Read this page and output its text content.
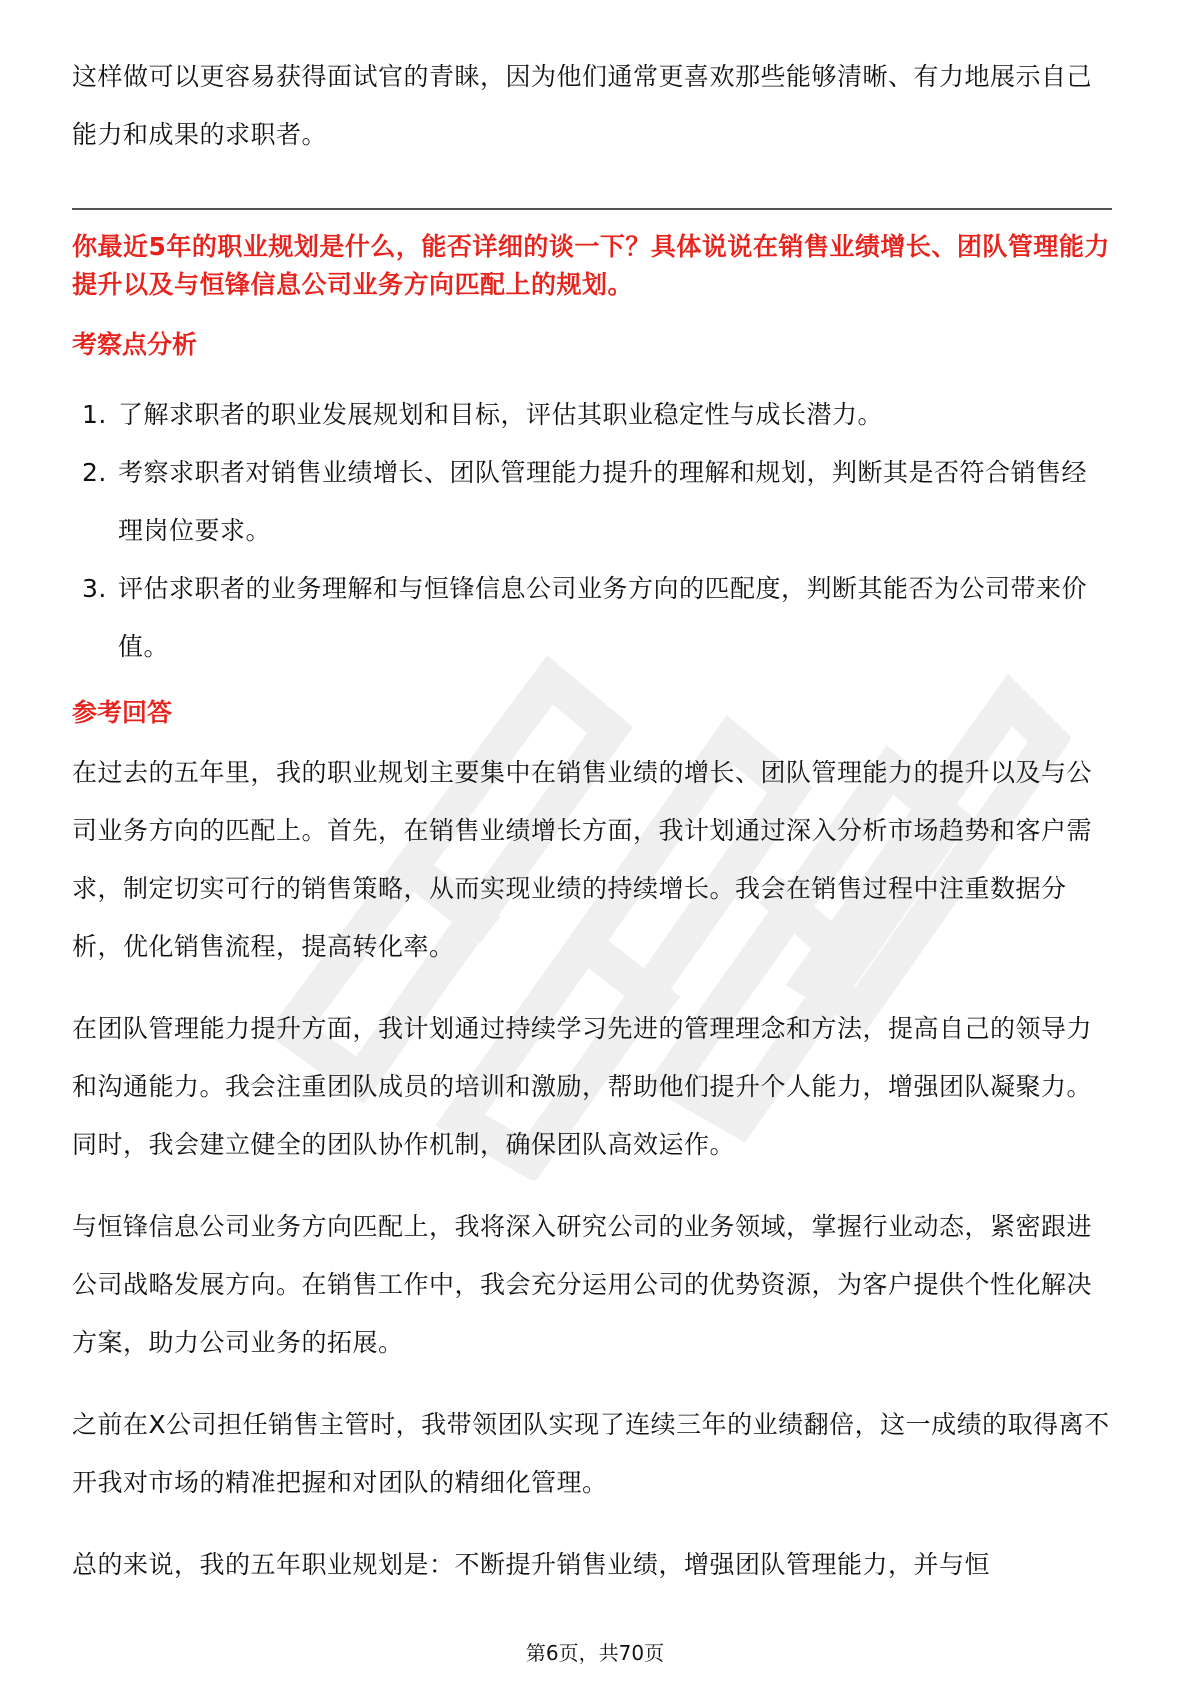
这样做可以更容易获得面试官的青睐，因为他们通常更喜欢那些能够清晰、有力地展示自己能力和成果的求职者。

你最近5年的职业规划是什么，能否详细的谈一下？具体说说在销售业绩增长、团队管理能力提升以及与恒锋信息公司业务方向匹配上的规划。

考察点分析
1. 了解求职者的职业发展规划和目标，评估其职业稳定性与成长潜力。
2. 考察求职者对销售业绩增长、团队管理能力提升的理解和规划，判断其是否符合销售经理岗位要求。
3. 评估求职者的业务理解和与恒锋信息公司业务方向的匹配度，判断其能否为公司带来价值。
参考回答

在过去的五年里，我的职业规划主要集中在销售业绩的增长、团队管理能力的提升以及与公司业务方向的匹配上。首先，在销售业绩增长方面，我计划通过深入分析市场趋势和客户需求，制定切实可行的销售策略，从而实现业绩的持续增长。我会在销售过程中注重数据分析，优化销售流程，提高转化率。

在团队管理能力提升方面，我计划通过持续学习先进的管理理念和方法，提高自己的领导力和沟通能力。我会注重团队成员的培训和激励，帮助他们提升个人能力，增强团队凝聚力。同时，我会建立健全的团队协作机制，确保团队高效运作。

与恒锋信息公司业务方向匹配上，我将深入研究公司的业务领域，掌握行业动态，紧密跟进公司战略发展方向。在销售工作中，我会充分运用公司的优势资源，为客户提供个性化解决方案，助力公司业务的拓展。

之前在X公司担任销售主管时，我带领团队实现了连续三年的业绩翻倍，这一成绩的取得离不开我对市场的精准把握和对团队的精细化管理。

总的来说，我的五年职业规划是：不断提升销售业绩，增强团队管理能力，并与恒

第6页，共70页
